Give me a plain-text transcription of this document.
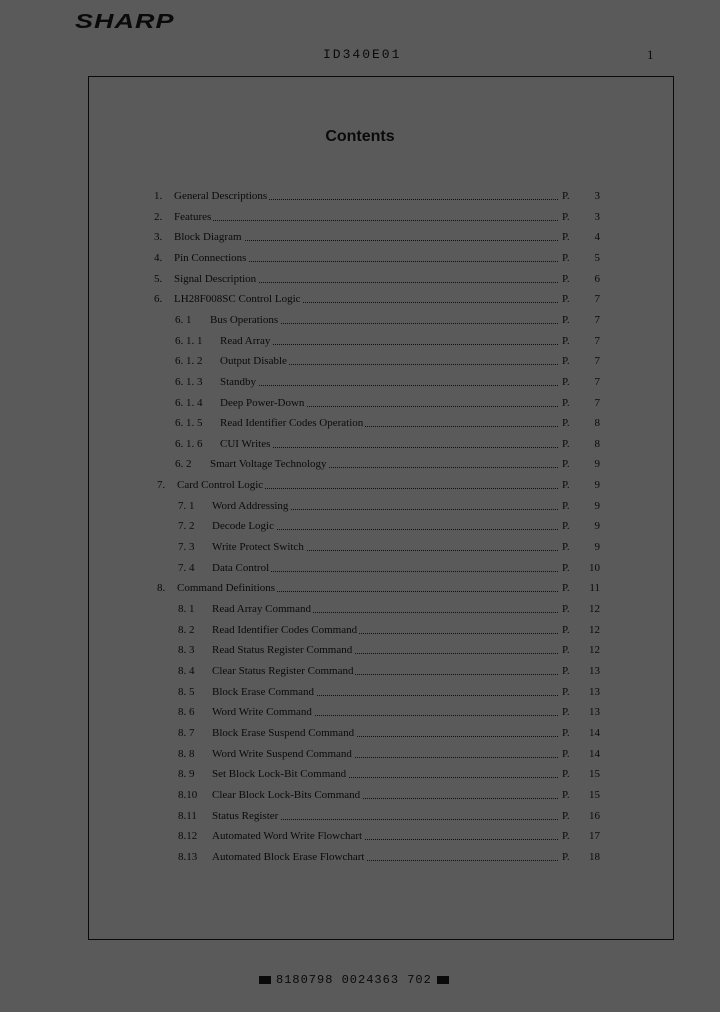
SHARP
ID340E01	1
Contents
1. General Descriptions	P.	3
2. Features	P.	3
3. Block Diagram	P.	4
4. Pin Connections	P.	5
5. Signal Description	P.	6
6. LH28F008SC Control Logic	P.	7
6. 1 Bus Operations	P.	7
6. 1. 1 Read Array	P.	7
6. 1. 2 Output Disable	P.	7
6. 1. 3 Standby	P.	7
6. 1. 4 Deep Power-Down	P.	7
6. 1. 5 Read Identifier Codes Operation	P.	8
6. 1. 6 CUI Writes	P.	8
6. 2 Smart Voltage Technology	P.	9
7. Card Control Logic	P.	9
7. 1 Word Addressing	P.	9
7. 2 Decode Logic	P.	9
7. 3 Write Protect Switch	P.	9
7. 4 Data Control	P. 10
8. Command Definitions	P.	11
8. 1 Read Array Command	P. 12
8. 2 Read Identifier Codes Command	P. 12
8. 3 Read Status Register Command	P. 12
8. 4 Clear Status Register Command	P. 13
8. 5 Block Erase Command	P. 13
8. 6 Word Write Command	P. 13
8. 7 Block Erase Suspend Command	P. 14
8. 8 Word Write Suspend Command	P. 14
8. 9 Set Block Lock-Bit Command	P. 15
8.10 Clear Block Lock-Bits Command	P. 15
8.11 Status Register	P. 16
8.12 Automated Word Write Flowchart	P. 17
8.13 Automated Block Erase Flowchart	P. 18
8180798 0024363 702
